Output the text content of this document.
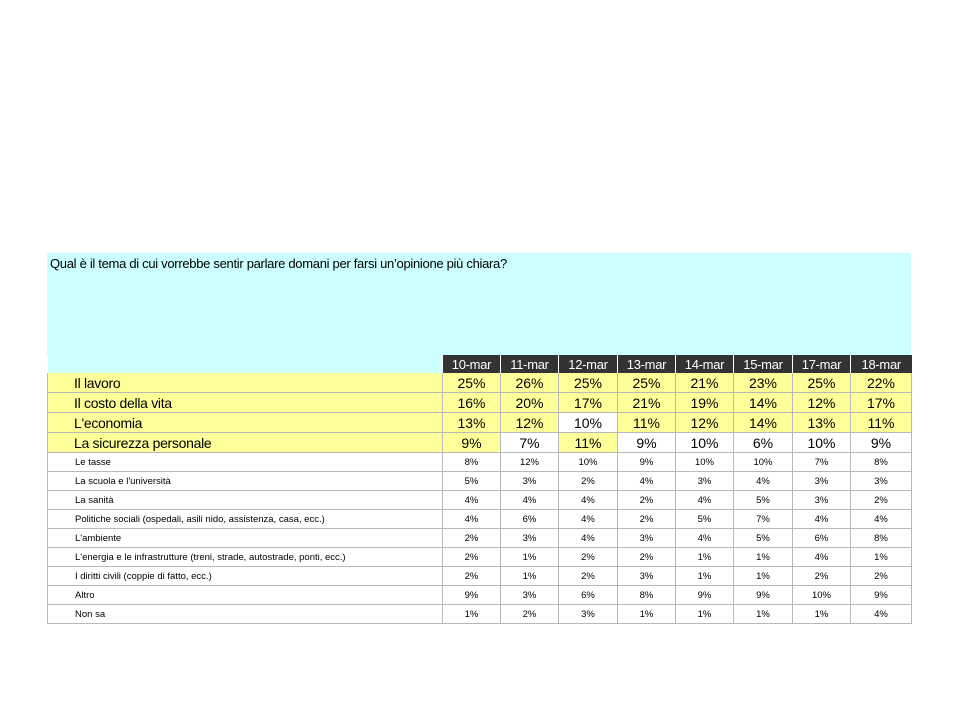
Qual è il tema di cui vorrebbe sentir parlare domani per farsi un’opinione più chiara?
	10-mar	11-mar	12-mar	13-mar	14-mar	15-mar	17-mar	18-mar
Il lavoro	25%	26%	25%	25%	21%	23%	25%	22%
Il costo della vita	16%	20%	17%	21%	19%	14%	12%	17%
L'economia	13%	12%	10%	11%	12%	14%	13%	11%
La sicurezza personale	9%	7%	11%	9%	10%	6%	10%	9%
Le tasse	8%	12%	10%	9%	10%	10%	7%	8%
La scuola e l'università	5%	3%	2%	4%	3%	4%	3%	3%
La sanità	4%	4%	4%	2%	4%	5%	3%	2%
Politiche sociali (ospedali, asili nido, assistenza, casa, ecc.)	4%	6%	4%	2%	5%	7%	4%	4%
L'ambiente	2%	3%	4%	3%	4%	5%	6%	8%
L'energia e le infrastrutture (treni, strade, autostrade, ponti, ecc.)	2%	1%	2%	2%	1%	1%	4%	1%
I diritti civili (coppie di fatto, ecc.)	2%	1%	2%	3%	1%	1%	2%	2%
Altro	9%	3%	6%	8%	9%	9%	10%	9%
Non sa	1%	2%	3%	1%	1%	1%	1%	4%
